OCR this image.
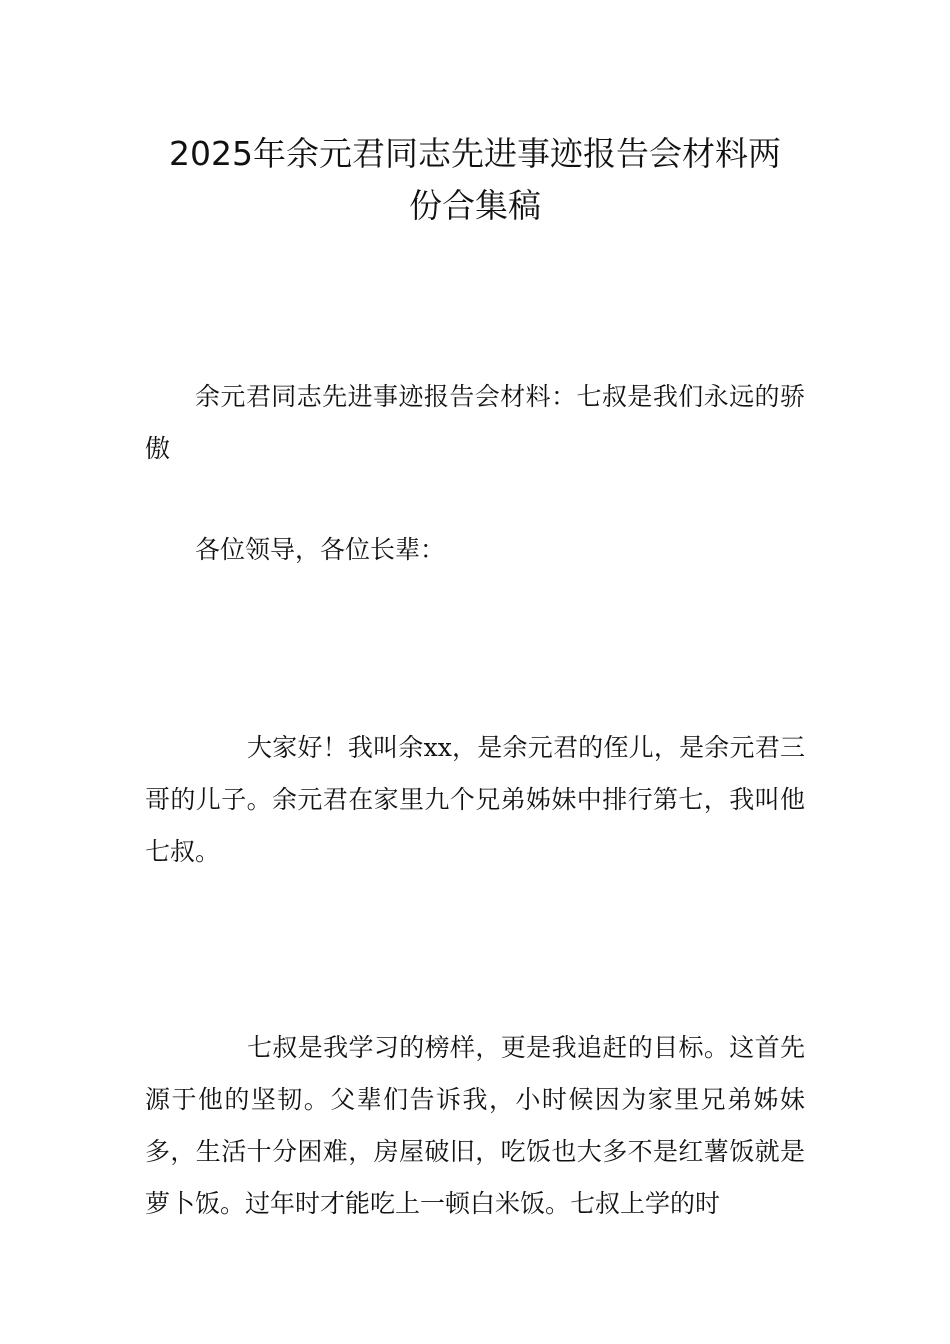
2025年余元君同志先进事迹报告会材料两
份合集稿

余元君同志先进事迹报告会材料：七叔是我们永远的骄傲

各位领导，各位长辈：

大家好！我叫余xx，是余元君的侄儿，是余元君三哥的儿子。余元君在家里九个兄弟姊妹中排行第七，我叫他七叔。

七叔是我学习的榜样，更是我追赶的目标。这首先源于他的坚韧。父辈们告诉我，小时候因为家里兄弟姊妹多，生活十分困难，房屋破旧，吃饭也大多不是红薯饭就是萝卜饭。过年时才能吃上一顿白米饭。七叔上学的时
